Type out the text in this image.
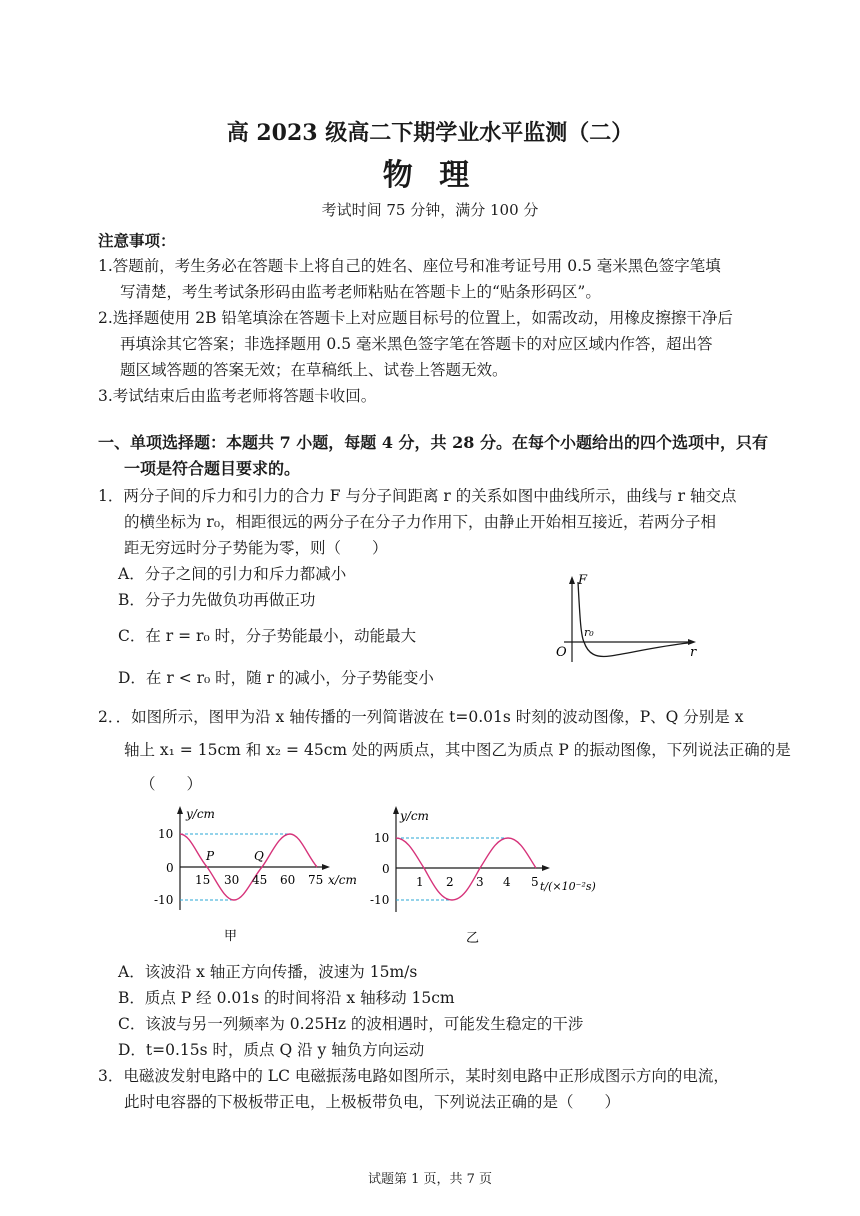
高 2023 级高二下期学业水平监测（二）
物 理
考试时间 75 分钟，满分 100 分
注意事项：
1.答题前，考生务必在答题卡上将自己的姓名、座位号和准考证号用 0.5 毫米黑色签字笔填
写清楚，考生考试条形码由监考老师粘贴在答题卡上的“贴条形码区”。
2.选择题使用 2B 铅笔填涂在答题卡上对应题目标号的位置上，如需改动，用橡皮擦擦干净后
再填涂其它答案；非选择题用 0.5 毫米黑色签字笔在答题卡的对应区域内作答，超出答
题区域答题的答案无效；在草稿纸上、试卷上答题无效。
3.考试结束后由监考老师将答题卡收回。
一、单项选择题：本题共 7 小题，每题 4 分，共 28 分。在每个小题给出的四个选项中，只有
一项是符合题目要求的。
1．两分子间的斥力和引力的合力 F 与分子间距离 r 的关系如图中曲线所示，曲线与 r 轴交点
的横坐标为 r₀，相距很远的两分子在分子力作用下，由静止开始相互接近，若两分子相
距无穷远时分子势能为零，则（　　）
A．分子之间的引力和斥力都减小
B．分子力先做负功再做正功
C．在 r = r₀ 时，分子势能最小，动能最大
D．在 r < r₀ 时，随 r 的减小，分子势能变小
F
r
O
r₀
2．．如图所示，图甲为沿 x 轴传播的一列简谐波在 t=0.01s 时刻的波动图像，P、Q 分别是 x
轴上 x₁ = 15cm 和 x₂ = 45cm 处的两质点，其中图乙为质点 P 的振动图像，下列说法正确的是
（　　）
y/cm
x/cm
10
0
-10
15 30 45 60 75
P	Q
甲
y/cm
t/(×10⁻²s)
10
0
-10
1 2 3 4 5
乙
A．该波沿 x 轴正方向传播，波速为 15m/s
B．质点 P 经 0.01s 的时间将沿 x 轴移动 15cm
C．该波与另一列频率为 0.25Hz 的波相遇时，可能发生稳定的干涉
D．t=0.15s 时，质点 Q 沿 y 轴负方向运动
3．电磁波发射电路中的 LC 电磁振荡电路如图所示，某时刻电路中正形成图示方向的电流，
此时电容器的下极板带正电，上极板带负电，下列说法正确的是（　　）
试题第 1 页，共 7 页
